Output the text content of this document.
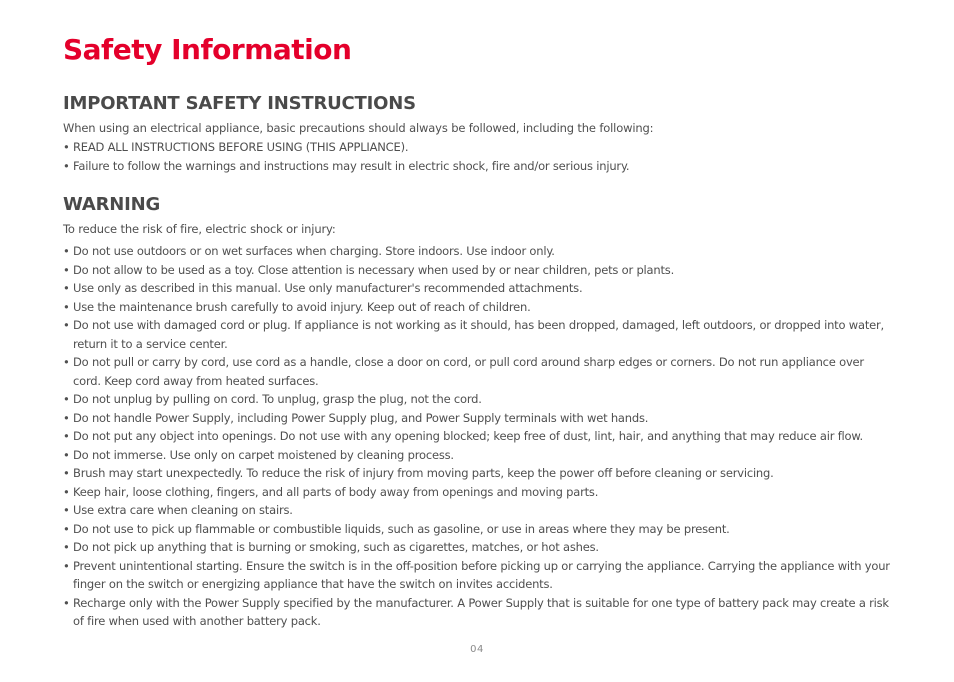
Safety Information
IMPORTANT SAFETY INSTRUCTIONS

When using an electrical appliance, basic precautions should always be followed, including the following:

• READ ALL INSTRUCTIONS BEFORE USING (THIS APPLIANCE).
• Failure to follow the warnings and instructions may result in electric shock, fire and/or serious injury.
WARNING

To reduce the risk of fire, electric shock or injury:

• Do not use outdoors or on wet surfaces when charging. Store indoors. Use indoor only.
• Do not allow to be used as a toy. Close attention is necessary when used by or near children, pets or plants.
• Use only as described in this manual. Use only manufacturer's recommended attachments.
• Use the maintenance brush carefully to avoid injury. Keep out of reach of children.
• Do not use with damaged cord or plug. If appliance is not working as it should, has been dropped, damaged, left outdoors, or dropped into water, return it to a service center.
• Do not pull or carry by cord, use cord as a handle, close a door on cord, or pull cord around sharp edges or corners. Do not run appliance over cord. Keep cord away from heated surfaces.
• Do not unplug by pulling on cord. To unplug, grasp the plug, not the cord.
• Do not handle Power Supply, including Power Supply plug, and Power Supply terminals with wet hands.
• Do not put any object into openings. Do not use with any opening blocked; keep free of dust, lint, hair, and anything that may reduce air flow.
• Do not immerse. Use only on carpet moistened by cleaning process.
• Brush may start unexpectedly. To reduce the risk of injury from moving parts, keep the power off before cleaning or servicing.
• Keep hair, loose clothing, fingers, and all parts of body away from openings and moving parts.
• Use extra care when cleaning on stairs.
• Do not use to pick up flammable or combustible liquids, such as gasoline, or use in areas where they may be present.
• Do not pick up anything that is burning or smoking, such as cigarettes, matches, or hot ashes.
• Prevent unintentional starting. Ensure the switch is in the off-position before picking up or carrying the appliance. Carrying the appliance with your finger on the switch or energizing appliance that have the switch on invites accidents.
• Recharge only with the Power Supply specified by the manufacturer. A Power Supply that is suitable for one type of battery pack may create a risk of fire when used with another battery pack.
04
